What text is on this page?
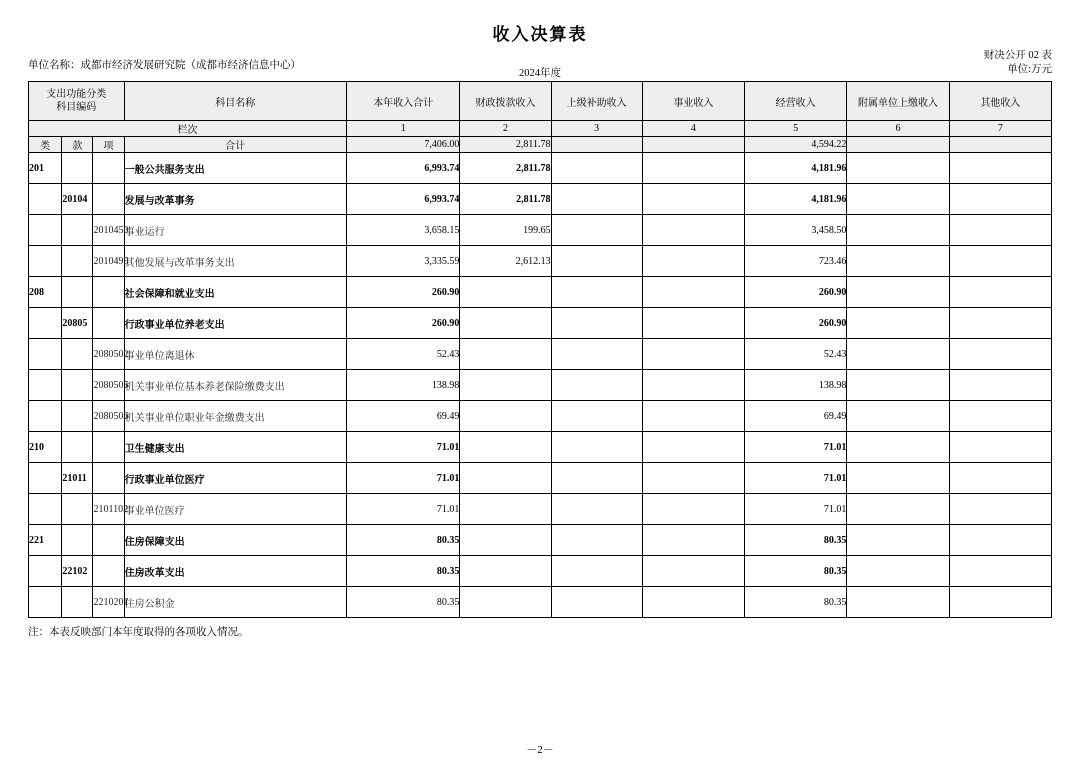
收入决算表
单位名称：成都市经济发展研究院（成都市经济信息中心）
2024年度
财决公开 02 表
单位:万元
支出功能分类
科目编码			科目名称	本年收入合计	财政拨款收入	上级补助收入	事业收入	经营收入	附属单位上缴收入	其他收入

栏次				1	2	3	4	5	6	7
类	款	项	合计	7,406.00	2,811.78			4,594.22		
201			一般公共服务支出	6,993.74	2,811.78			4,181.96		
	20104		发展与改革事务	6,993.74	2,811.78			4,181.96		
		2010450	事业运行	3,658.15	199.65			3,458.50		
		2010499	其他发展与改革事务支出	3,335.59	2,612.13			723.46		
208			社会保障和就业支出	260.90				260.90		
	20805		行政事业单位养老支出	260.90				260.90		
		2080502	事业单位离退休	52.43				52.43		
		2080505	机关事业单位基本养老保险缴费支出	138.98				138.98		
		2080506	机关事业单位职业年金缴费支出	69.49				69.49		
210			卫生健康支出	71.01				71.01		
	21011		行政事业单位医疗	71.01				71.01		
		2101102	事业单位医疗	71.01				71.01		
221			住房保障支出	80.35				80.35		
	22102		住房改革支出	80.35				80.35		
		2210201	住房公积金	80.35				80.35		
注：本表反映部门本年度取得的各项收入情况。
－2－
